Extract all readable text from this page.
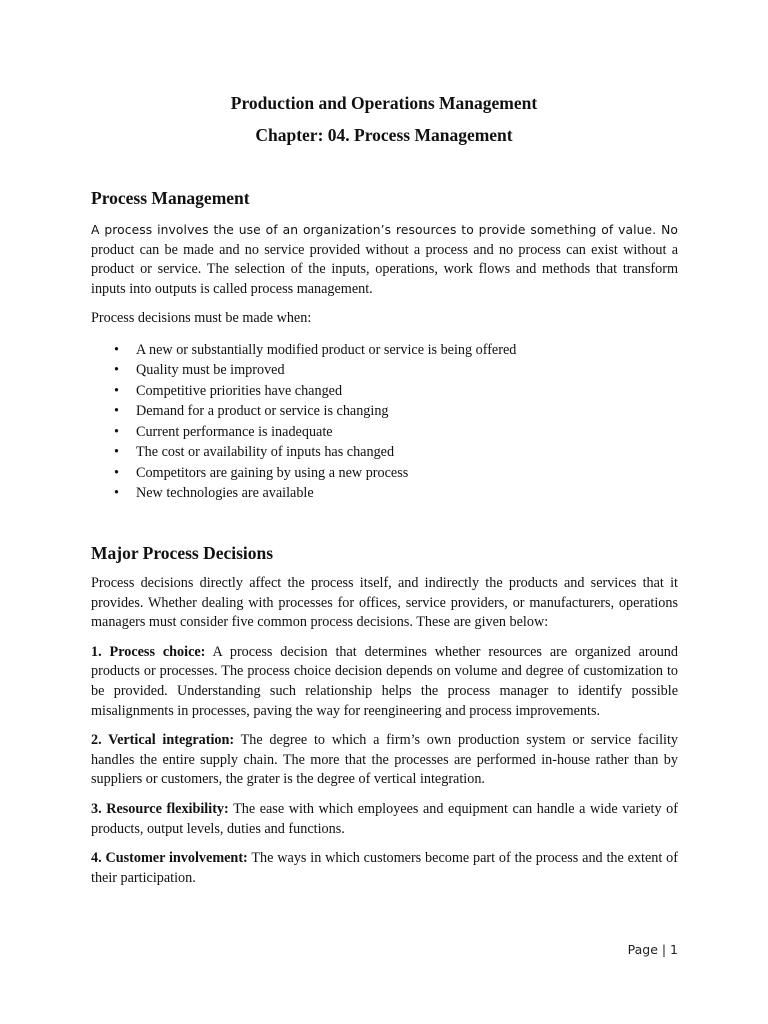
Production and Operations Management
Chapter: 04. Process Management
Process Management

A process involves the use of an organization’s resources to provide something of value. No product can be made and no service provided without a process and no process can exist without a product or service. The selection of the inputs, operations, work flows and methods that transform inputs into outputs is called process management.

Process decisions must be made when:

• A new or substantially modified product or service is being offered
• Quality must be improved
• Competitive priorities have changed
• Demand for a product or service is changing
• Current performance is inadequate
• The cost or availability of inputs has changed
• Competitors are gaining by using a new process
• New technologies are available
Major Process Decisions

Process decisions directly affect the process itself, and indirectly the products and services that it provides. Whether dealing with processes for offices, service providers, or manufacturers, operations managers must consider five common process decisions. These are given below:

1. Process choice: A process decision that determines whether resources are organized around products or processes. The process choice decision depends on volume and degree of customization to be provided. Understanding such relationship helps the process manager to identify possible misalignments in processes, paving the way for reengineering and process improvements.

2. Vertical integration: The degree to which a firm’s own production system or service facility handles the entire supply chain. The more that the processes are performed in-house rather than by suppliers or customers, the grater is the degree of vertical integration.

3. Resource flexibility: The ease with which employees and equipment can handle a wide variety of products, output levels, duties and functions.

4. Customer involvement: The ways in which customers become part of the process and the extent of their participation.

Page | 1
